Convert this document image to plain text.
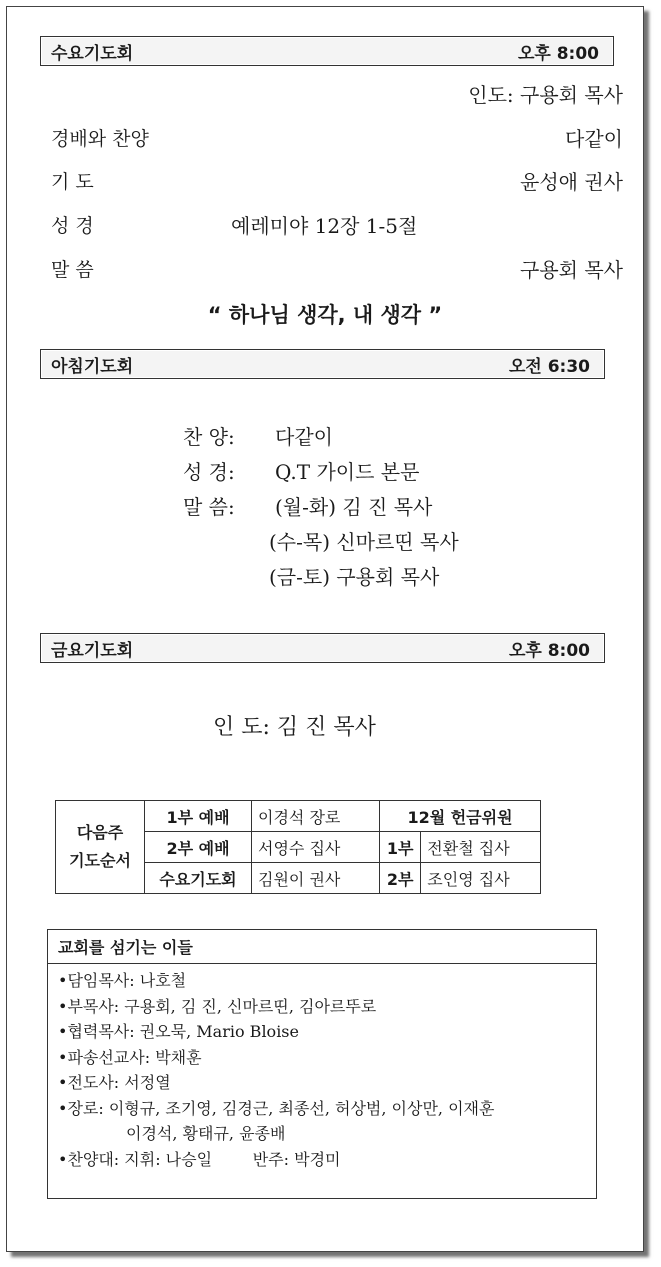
수요기도회	오후 8:00
인도: 구용회 목사
경배와 찬양	다같이
기 도	윤성애 권사
성 경	예레미야 12장 1-5절
말 씀	구용회 목사
“ 하나님 생각, 내 생각 ”
아침기도회	오전 6:30
찬 양: 다같이
성 경: Q.T 가이드 본문
말 씀: (월-화) 김 진 목사
(수-목) 신마르띤 목사
(금-토) 구용회 목사
금요기도회	오후 8:00
인 도: 김 진 목사
다음주
기도순서	1부 예배	이경석 장로	12월 헌금위원	
	2부 예배	서영수 집사	1부	전환철 집사
	수요기도회	김원이 권사	2부	조인영 집사
교회를 섬기는 이들
•담임목사: 나호철
•부목사: 구용회, 김 진, 신마르띤, 김아르뚜로
•협력목사: 권오묵, Mario Bloise
•파송선교사: 박채훈
•전도사: 서정열
•장로: 이형규, 조기영, 김경근, 최종선, 허상범, 이상만, 이재훈
이경석, 황태규, 윤종배
•찬양대: 지휘: 나승일        반주: 박경미
